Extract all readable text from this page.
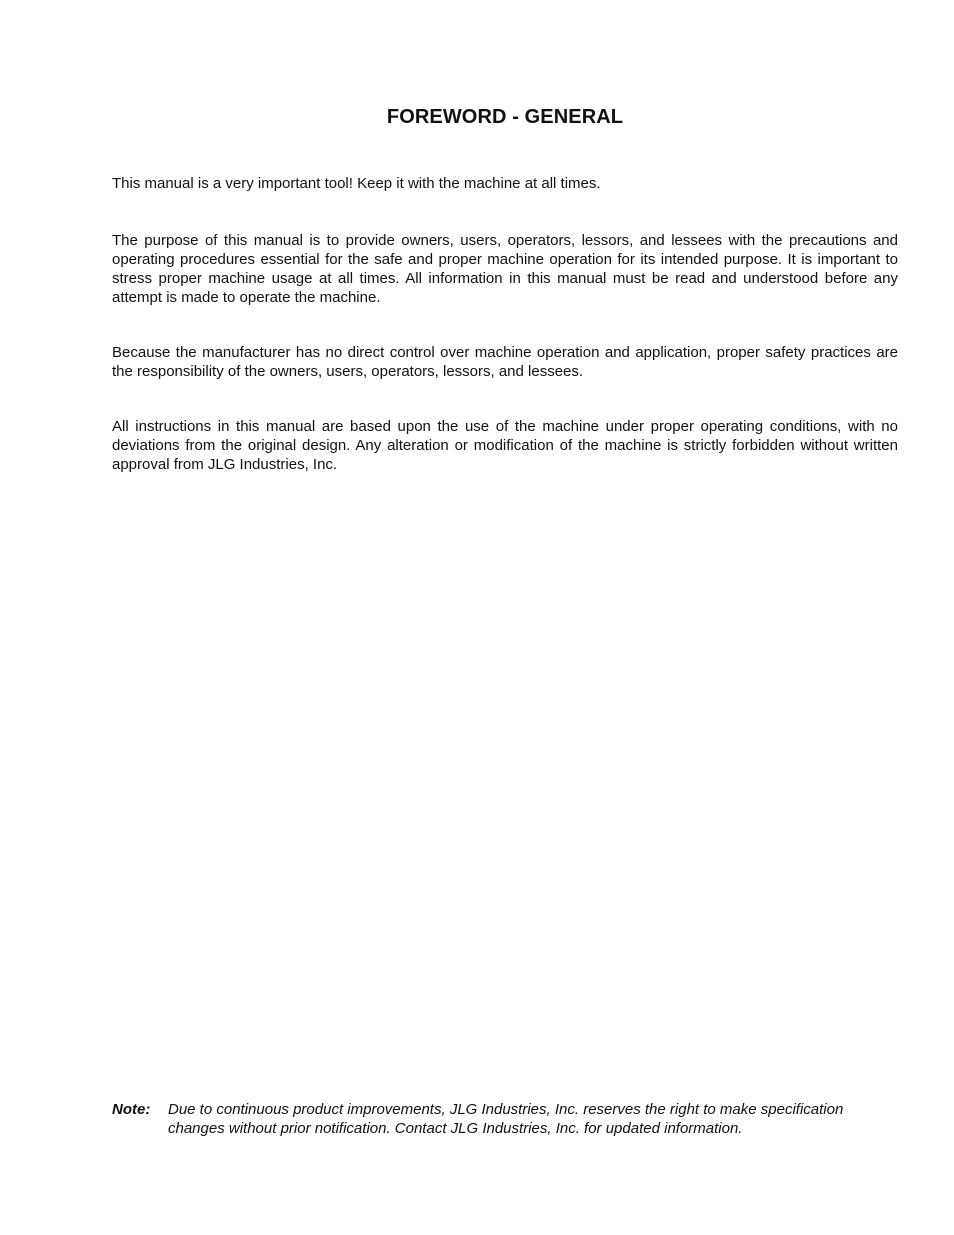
FOREWORD - GENERAL

This manual is a very important tool! Keep it with the machine at all times.

The purpose of this manual is to provide owners, users, operators, lessors, and lessees with the precautions and operating procedures essential for the safe and proper machine operation for its intended purpose. It is important to stress proper machine usage at all times. All information in this manual must be read and understood before any attempt is made to operate the machine.

Because the manufacturer has no direct control over machine operation and application, proper safety practices are the responsibility of the owners, users, operators, lessors, and lessees.

All instructions in this manual are based upon the use of the machine under proper operating conditions, with no deviations from the original design. Any alteration or modification of the machine is strictly forbidden without written approval from JLG Industries, Inc.

Note:	Due to continuous product improvements, JLG Industries, Inc. reserves the right to make specification changes without prior notification. Contact JLG Industries, Inc. for updated information.
